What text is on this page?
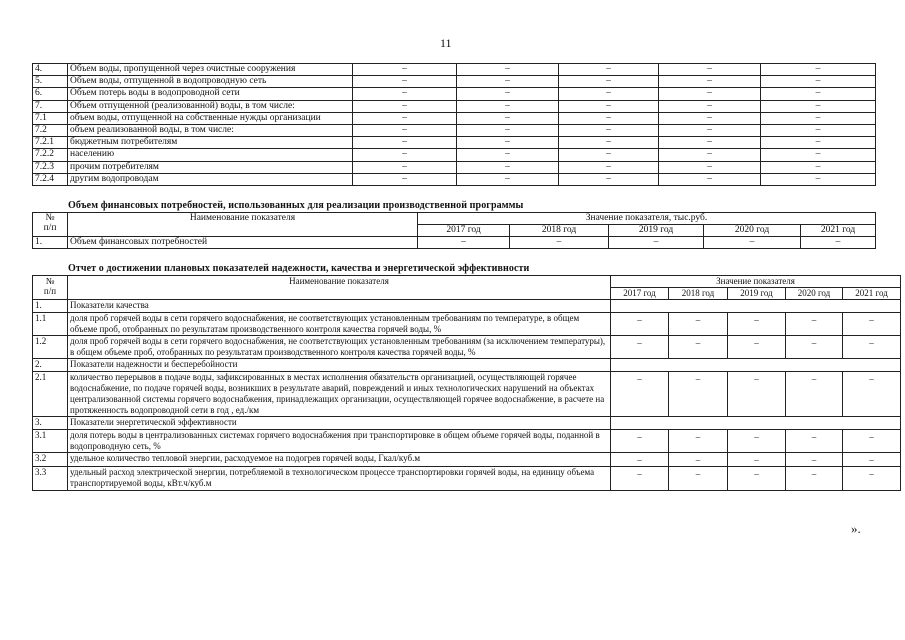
11
4.	Объем воды, пропущенной через очистные сооружения	–	–	–	–	–
5.	Объем воды, отпущенной в водопроводную сеть	–	–	–	–	–
6.	Объем потерь воды в водопроводной сети	–	–	–	–	–
7.	Объем отпущенной (реализованной) воды, в том числе:	–	–	–	–	–
7.1	объем воды, отпущенной на собственные нужды организации	–	–	–	–	–
7.2	объем реализованной воды, в том числе:	–	–	–	–	–
7.2.1	бюджетным потребителям	–	–	–	–	–
7.2.2	населению	–	–	–	–	–
7.2.3	прочим потребителям	–	–	–	–	–
7.2.4	другим водопроводам	–	–	–	–	–
Объем финансовых потребностей, использованных для реализации производственной программы
№
п/п	Наименование показателя	Значение показателя, тыс.руб.				
		2017 год	2018 год	2019 год	2020 год	2021 год
1.	Объем финансовых потребностей	–	–	–	–	–
Отчет о достижении плановых показателей надежности, качества и энергетической эффективности
№
п/п	Наименование показателя	Значение показателя				
		2017 год	2018 год	2019 год	2020 год	2021 год
1.	Показатели качества					
1.1	доля проб горячей воды в сети горячего водоснабжения, не соответствующих установленным требованиям по температуре, в общем объеме проб, отобранных по результатам производственного контроля качества горячей воды, %	–	–	–	–	–
1.2	доля проб горячей воды в сети горячего водоснабжения, не соответствующих установленным требованиям (за исключением температуры), в общем объеме проб, отобранных по результатам производственного контроля качества горячей воды, %	–	–	–	–	–
2.	Показатели надежности и бесперебойности					
2.1	количество перерывов в подаче воды, зафиксированных в местах исполнения обязательств организацией, осуществляющей горячее водоснабжение, по подаче горячей воды, возникших в результате аварий, повреждений и иных технологических нарушений на объектах централизованной системы горячего водоснабжения, принадлежащих организации, осуществляющей горячее водоснабжение, в расчете на протяженность водопроводной сети в год , ед./км	–	–	–	–	–
3.	Показатели энергетической эффективности					
3.1	доля потерь воды в централизованных системах горячего водоснабжения при транспортировке в общем объеме горячей воды, поданной в водопроводную сеть, %	–	–	–	–	–
3.2	удельное количество тепловой энергии, расходуемое на подогрев горячей воды, Гкал/куб.м	–	–	–	–	–
3.3	удельный расход электрической энергии, потребляемой в технологическом процессе транспортировки горячей воды, на единицу объема транспортируемой воды, кВт.ч/куб.м	–	–	–	–	–
».
